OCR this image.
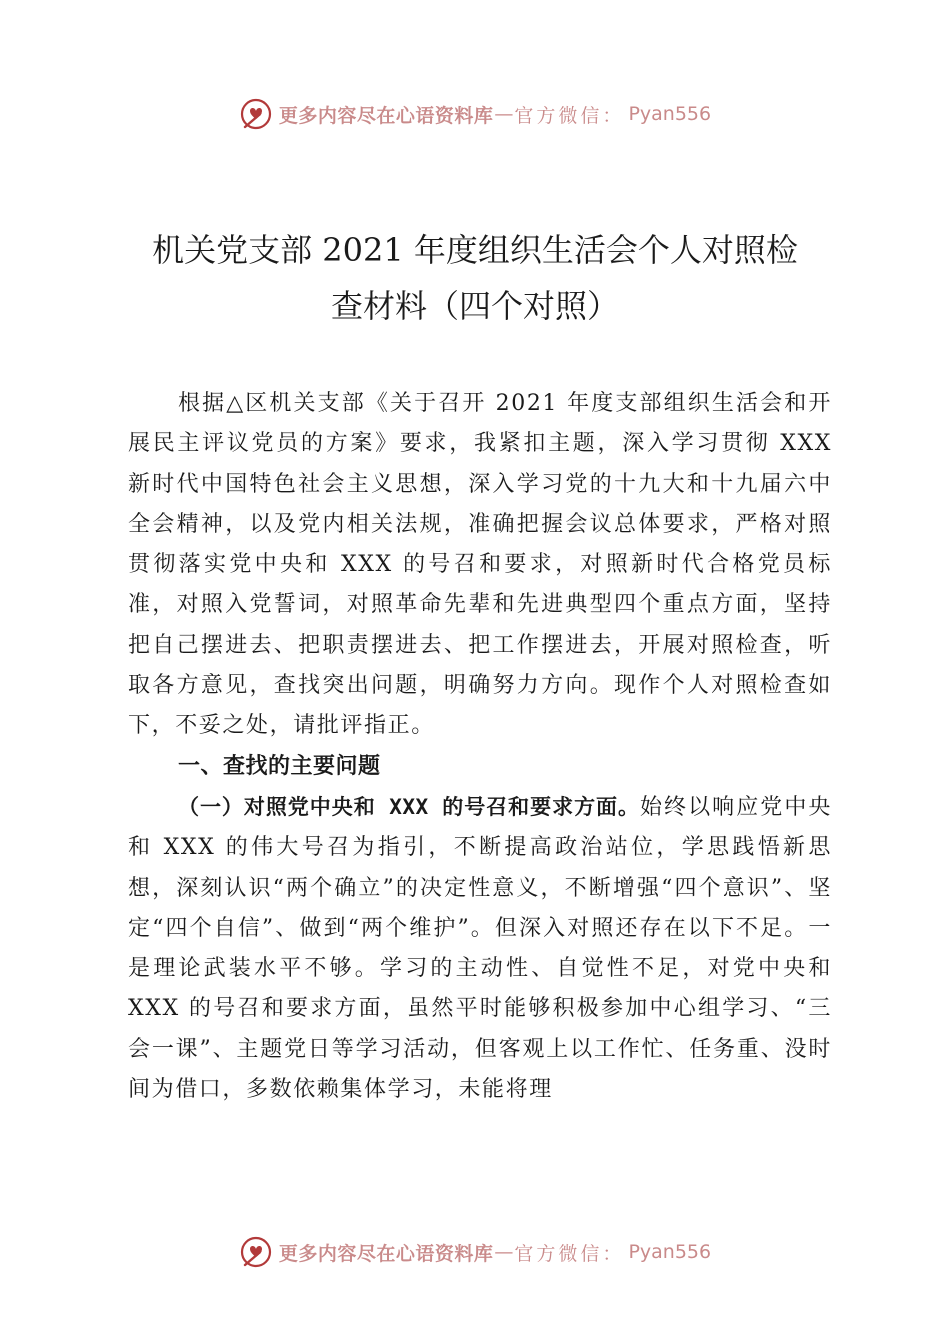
更多内容尽在心语资料库 — 官方微信： Pyan556
机关党支部 2021 年度组织生活会个人对照检
查材料（四个对照）

根据△区机关支部《关于召开 2021 年度支部组织生活会和开展民主评议党员的方案》要求，我紧扣主题，深入学习贯彻 XXX 新时代中国特色社会主义思想，深入学习党的十九大和十九届六中全会精神，以及党内相关法规，准确把握会议总体要求，严格对照贯彻落实党中央和 XXX 的号召和要求，对照新时代合格党员标准，对照入党誓词，对照革命先辈和先进典型四个重点方面，坚持把自己摆进去、把职责摆进去、把工作摆进去，开展对照检查，听取各方意见，查找突出问题，明确努力方向。现作个人对照检查如下，不妥之处，请批评指正。

一、查找的主要问题

（一）对照党中央和 XXX 的号召和要求方面。始终以响应党中央和 XXX 的伟大号召为指引，不断提高政治站位，学思践悟新思想，深刻认识“两个确立”的决定性意义，不断增强“四个意识”、坚定“四个自信”、做到“两个维护”。但深入对照还存在以下不足。一是理论武装水平不够。学习的主动性、自觉性不足，对党中央和 XXX 的号召和要求方面，虽然平时能够积极参加中心组学习、“三会一课”、主题党日等学习活动，但客观上以工作忙、任务重、没时间为借口，多数依赖集体学习，未能将理

更多内容尽在心语资料库 — 官方微信： Pyan556
